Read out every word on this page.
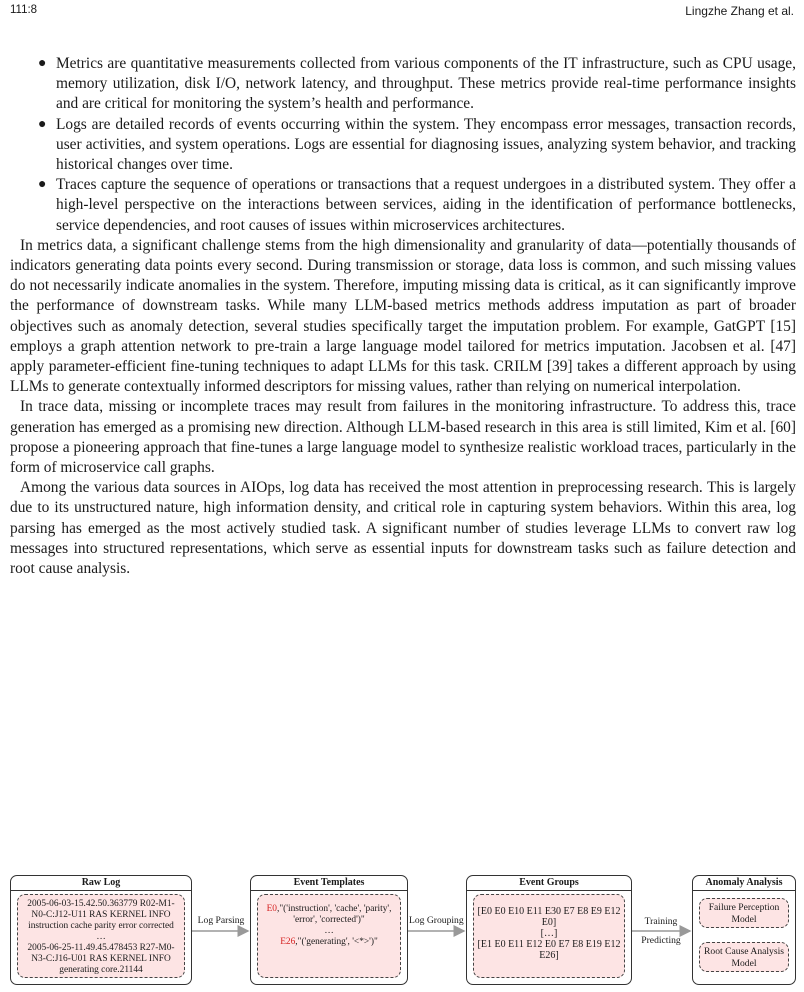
111:8	Lingzhe Zhang et al.
● Metrics are quantitative measurements collected from various components of the IT infrastructure, such as CPU usage, memory utilization, disk I/O, network latency, and throughput. These metrics provide real-time performance insights and are critical for monitoring the system’s health and performance.
● Logs are detailed records of events occurring within the system. They encompass error messages, transaction records, user activities, and system operations. Logs are essential for diagnosing issues, analyzing system behavior, and tracking historical changes over time.
● Traces capture the sequence of operations or transactions that a request undergoes in a distributed system. They offer a high-level perspective on the interactions between services, aiding in the identification of performance bottlenecks, service dependencies, and root causes of issues within microservices architectures.

In metrics data, a significant challenge stems from the high dimensionality and granularity of data—potentially thousands of indicators generating data points every second. During transmission or storage, data loss is common, and such missing values do not necessarily indicate anomalies in the system. Therefore, imputing missing data is critical, as it can significantly improve the performance of downstream tasks. While many LLM-based metrics methods address imputation as part of broader objectives such as anomaly detection, several studies specifically target the imputation problem. For example, GatGPT [15] employs a graph attention network to pre-train a large language model tailored for metrics imputation. Jacobsen et al. [47] apply parameter-efficient fine-tuning techniques to adapt LLMs for this task. CRILM [39] takes a different approach by using LLMs to generate contextually informed descriptors for missing values, rather than relying on numerical interpolation.

In trace data, missing or incomplete traces may result from failures in the monitoring infrastructure. To address this, trace generation has emerged as a promising new direction. Although LLM-based research in this area is still limited, Kim et al. [60] propose a pioneering approach that fine-tunes a large language model to synthesize realistic workload traces, particularly in the form of microservice call graphs.

Among the various data sources in AIOps, log data has received the most attention in preprocessing research. This is largely due to its unstructured nature, high information density, and critical role in capturing system behaviors. Within this area, log parsing has emerged as the most actively studied task. A significant number of studies leverage LLMs to convert raw log messages into structured representations, which serve as essential inputs for downstream tasks such as failure detection and root cause analysis.

Raw Log
2005-06-03-15.42.50.363779 R02-M1-N0-C:J12-U11 RAS KERNEL INFO instruction cache parity error corrected
…
2005-06-25-11.49.45.478453 R27-M0-N3-C:J16-U01 RAS KERNEL INFO generating core.21144
Log Parsing
Event Templates
E0,"('instruction', 'cache', 'parity', 'error', 'corrected')"
…
E26,"('generating', '<*>')"
Log Grouping
Event Groups
[E0 E0 E10 E11 E30 E7 E8 E9 E12 E0]
[…]
[E1 E0 E11 E12 E0 E7 E8 E19 E12 E26]
Training
Predicting
Anomaly Analysis
Failure Perception Model
Root Cause Analysis Model
